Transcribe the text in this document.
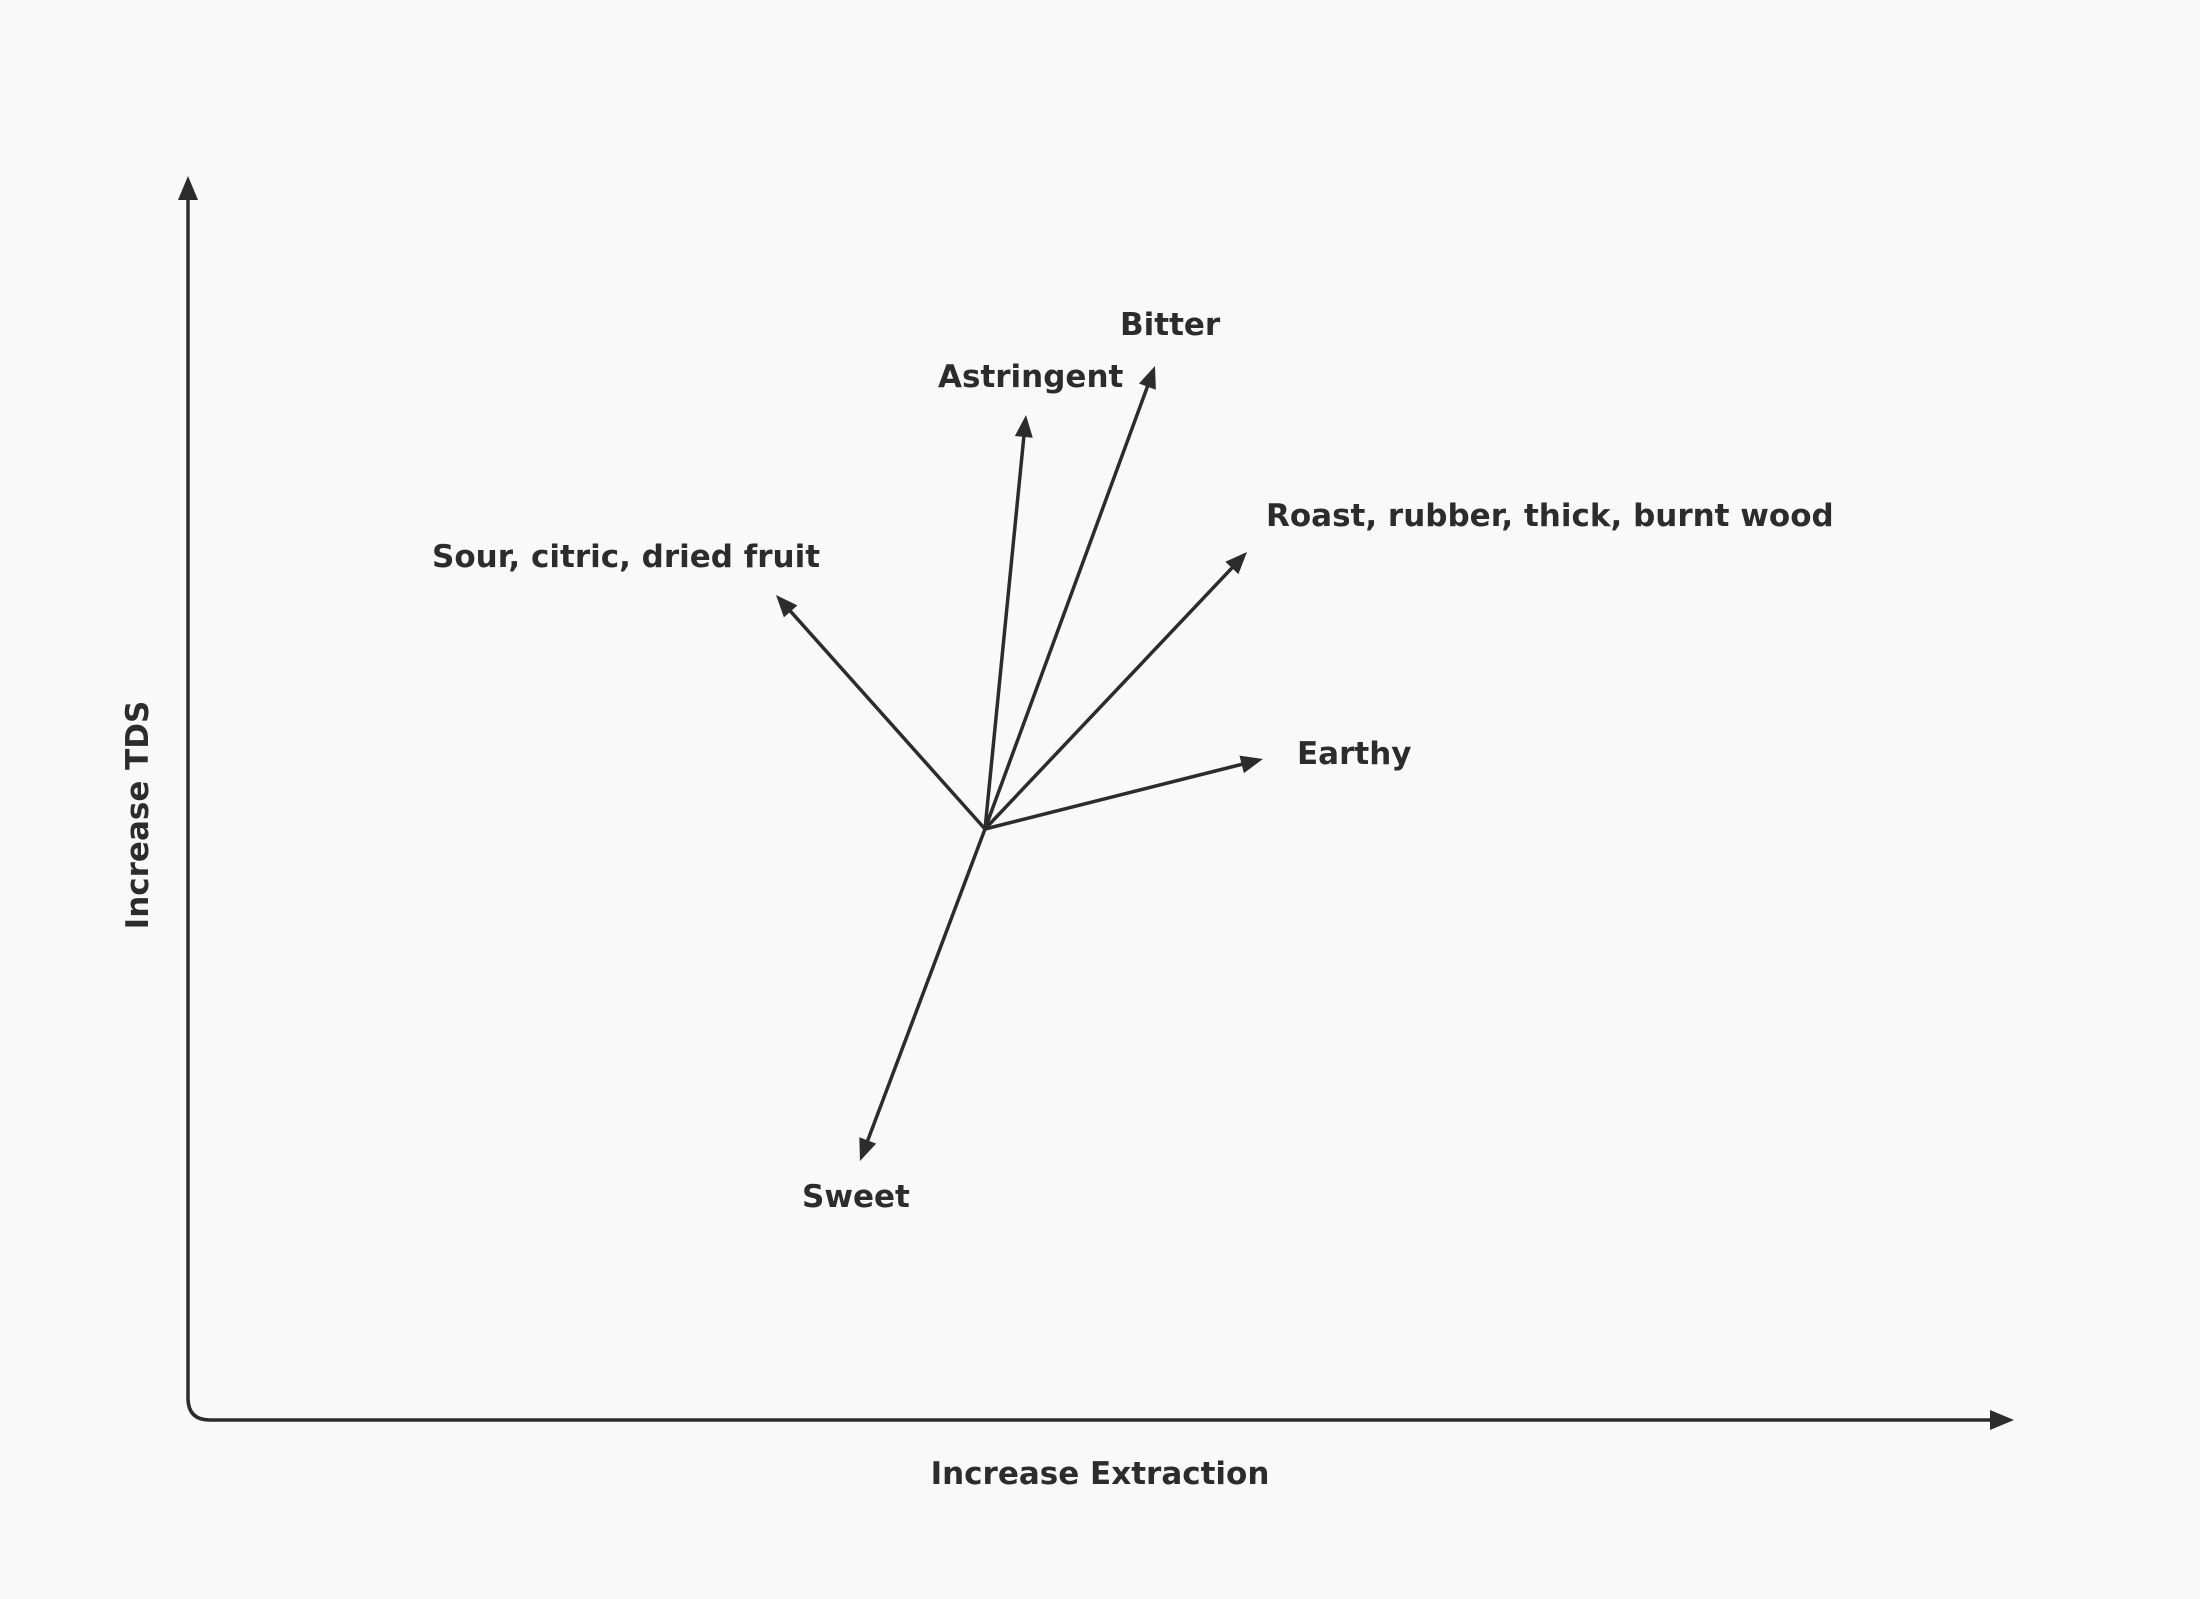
Increase Extraction
Increase TDS
Bitter
Astringent
Roast, rubber, thick, burnt wood
Sour, citric, dried fruit
Earthy
Sweet
